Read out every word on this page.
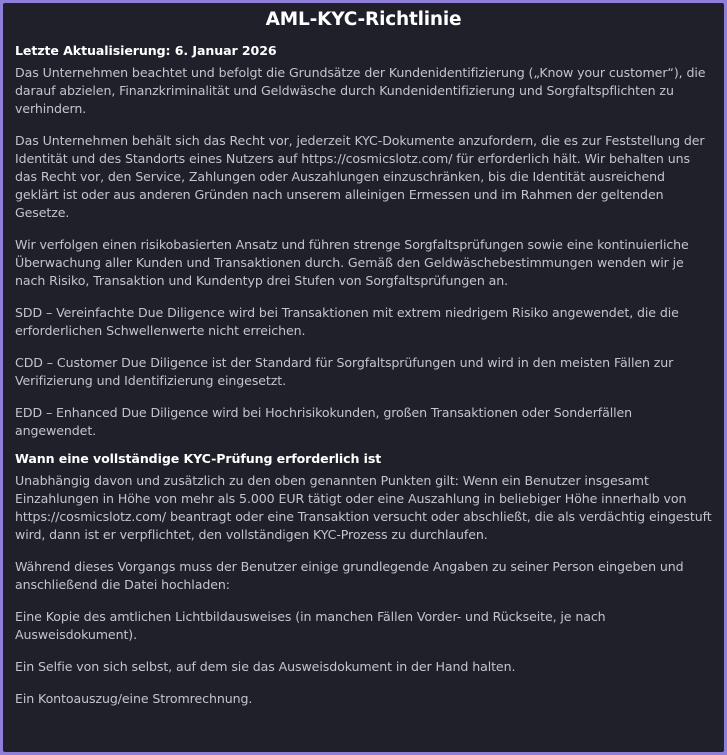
AML-KYC-Richtlinie
Letzte Aktualisierung: 6. Januar 2026

Das Unternehmen beachtet und befolgt die Grundsätze der Kundenidentifizierung („Know your customer“), die darauf abzielen, Finanzkriminalität und Geldwäsche durch Kundenidentifizierung und Sorgfaltspflichten zu verhindern.

Das Unternehmen behält sich das Recht vor, jederzeit KYC-Dokumente anzufordern, die es zur Feststellung der Identität und des Standorts eines Nutzers auf https://cosmicslotz.com/ für erforderlich hält. Wir behalten uns das Recht vor, den Service, Zahlungen oder Auszahlungen einzuschränken, bis die Identität ausreichend geklärt ist oder aus anderen Gründen nach unserem alleinigen Ermessen und im Rahmen der geltenden Gesetze.

Wir verfolgen einen risikobasierten Ansatz und führen strenge Sorgfaltsprüfungen sowie eine kontinuierliche Überwachung aller Kunden und Transaktionen durch. Gemäß den Geldwäschebestimmungen wenden wir je nach Risiko, Transaktion und Kundentyp drei Stufen von Sorgfaltsprüfungen an.

SDD – Vereinfachte Due Diligence wird bei Transaktionen mit extrem niedrigem Risiko angewendet, die die erforderlichen Schwellenwerte nicht erreichen.

CDD – Customer Due Diligence ist der Standard für Sorgfaltsprüfungen und wird in den meisten Fällen zur Verifizierung und Identifizierung eingesetzt.

EDD – Enhanced Due Diligence wird bei Hochrisikokunden, großen Transaktionen oder Sonderfällen angewendet.

Wann eine vollständige KYC-Prüfung erforderlich ist

Unabhängig davon und zusätzlich zu den oben genannten Punkten gilt: Wenn ein Benutzer insgesamt Einzahlungen in Höhe von mehr als 5.000 EUR tätigt oder eine Auszahlung in beliebiger Höhe innerhalb von https://cosmicslotz.com/ beantragt oder eine Transaktion versucht oder abschließt, die als verdächtig eingestuft wird, dann ist er verpflichtet, den vollständigen KYC-Prozess zu durchlaufen.

Während dieses Vorgangs muss der Benutzer einige grundlegende Angaben zu seiner Person eingeben und anschließend die Datei hochladen:

Eine Kopie des amtlichen Lichtbildausweises (in manchen Fällen Vorder- und Rückseite, je nach Ausweisdokument).

Ein Selfie von sich selbst, auf dem sie das Ausweisdokument in der Hand halten.

Ein Kontoauszug/eine Stromrechnung.
